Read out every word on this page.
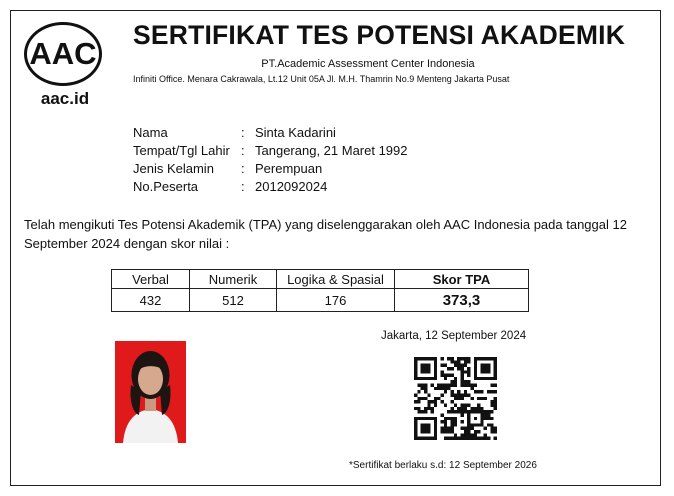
AAC
aac.id
SERTIFIKAT TES POTENSI AKADEMIK
PT.Academic Assessment Center Indonesia
Infiniti Office. Menara Cakrawala, Lt.12 Unit 05A Jl. M.H. Thamrin No.9 Menteng Jakarta Pusat
Nama	: Sinta Kadarini
Tempat/Tgl Lahir : Tangerang, 21 Maret 1992
Jenis Kelamin : Perempuan
No.Peserta	: 2012092024
Telah mengikuti Tes Potensi Akademik (TPA) yang diselenggarakan oleh AAC Indonesia pada tanggal 12 September 2024 dengan skor nilai :
Verbal	Numerik	Logika & Spasial	Skor TPA
432	512	176	373,3
Jakarta, 12 September 2024
*Sertifikat berlaku s.d: 12 September 2026
